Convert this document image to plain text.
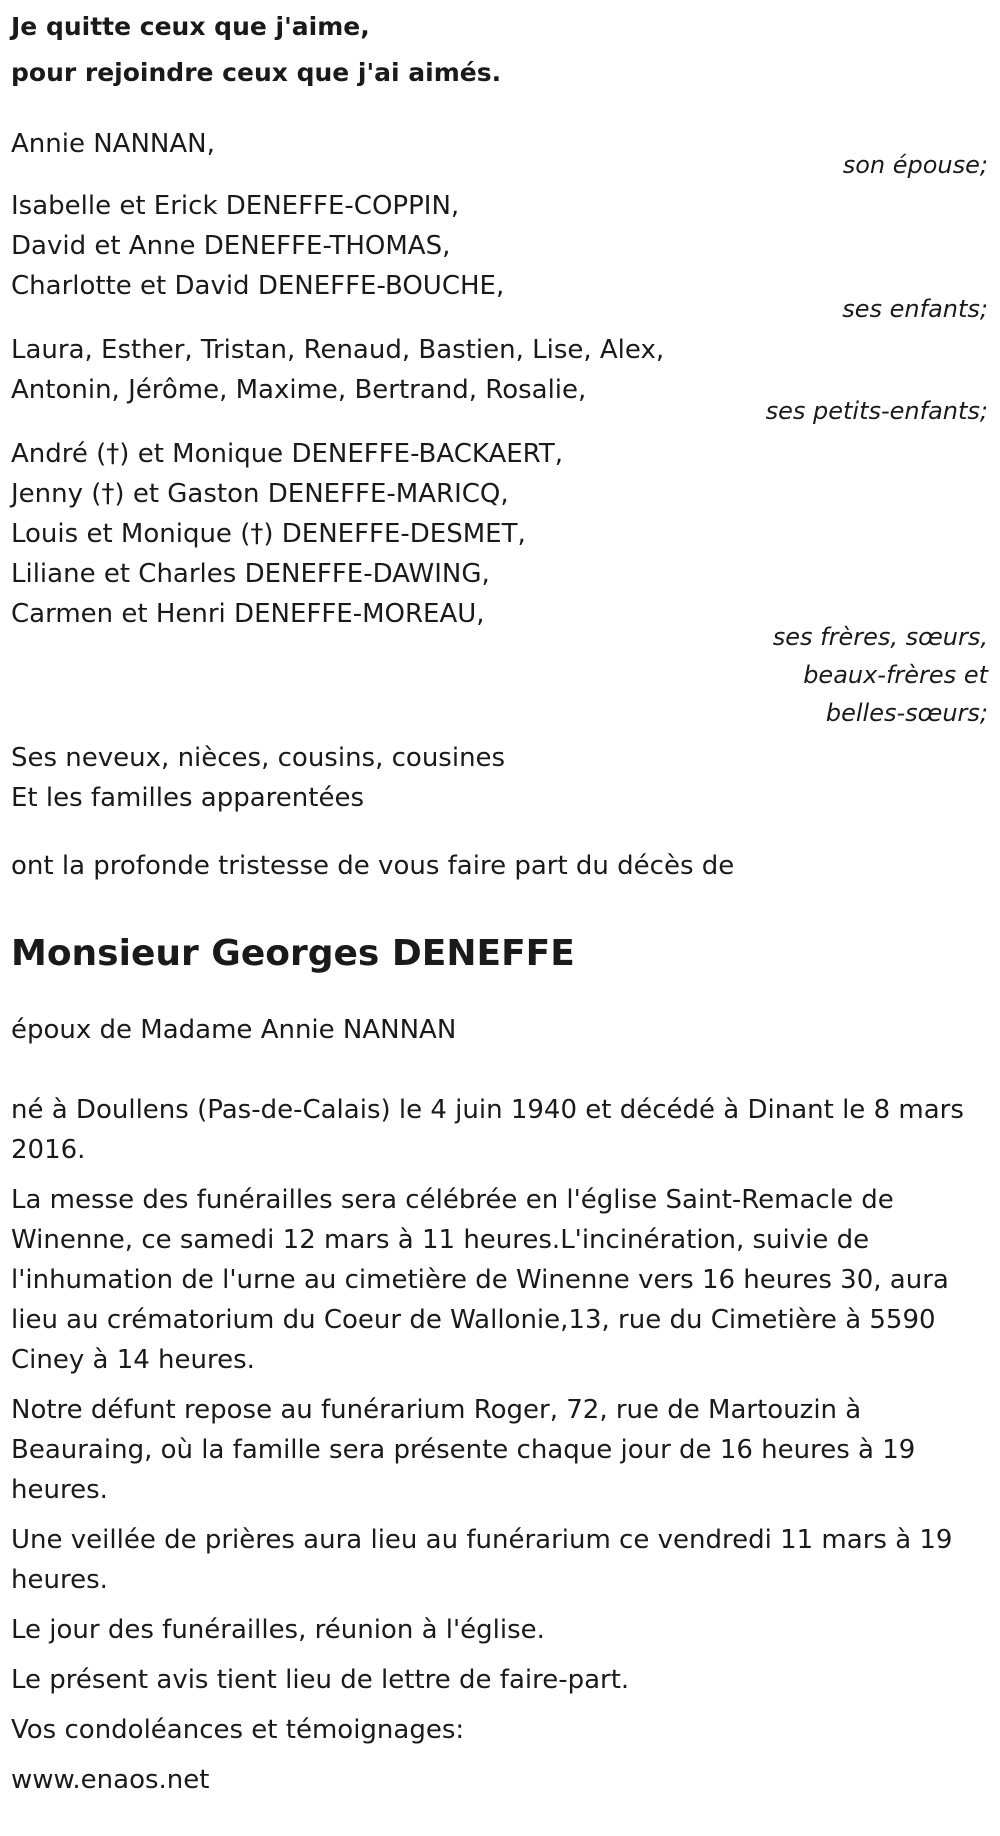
Je quitte ceux que j'aime,
pour rejoindre ceux que j'ai aimés.
Annie NANNAN,
son épouse;
Isabelle et Erick DENEFFE-COPPIN,
David et Anne DENEFFE-THOMAS,
Charlotte et David DENEFFE-BOUCHE,
ses enfants;
Laura, Esther, Tristan, Renaud, Bastien, Lise, Alex,
Antonin, Jérôme, Maxime, Bertrand, Rosalie,
ses petits-enfants;
André (†) et Monique DENEFFE-BACKAERT,
Jenny (†) et Gaston DENEFFE-MARICQ,
Louis et Monique (†) DENEFFE-DESMET,
Liliane et Charles DENEFFE-DAWING,
Carmen et Henri DENEFFE-MOREAU,
ses frères, sœurs,
beaux-frères et
belles-sœurs;
Ses neveux, nièces, cousins, cousines
Et les familles apparentées
ont la profonde tristesse de vous faire part du décès de
Monsieur Georges DENEFFE
époux de Madame Annie NANNAN

né à Doullens (Pas-de-Calais) le 4 juin 1940 et décédé à Dinant le 8 mars 2016.

La messe des funérailles sera célébrée en l'église Saint-Remacle de Winenne, ce samedi 12 mars à 11 heures.L'incinération, suivie de l'inhumation de l'urne au cimetière de Winenne vers 16 heures 30, aura lieu au crématorium du Coeur de Wallonie,13, rue du Cimetière à 5590 Ciney à 14 heures.

Notre défunt repose au funérarium Roger, 72, rue de Martouzin à Beauraing, où la famille sera présente chaque jour de 16 heures à 19 heures.

Une veillée de prières aura lieu au funérarium ce vendredi 11 mars à 19 heures.

Le jour des funérailles, réunion à l'église.

Le présent avis tient lieu de lettre de faire-part.

Vos condoléances et témoignages:

www.enaos.net
